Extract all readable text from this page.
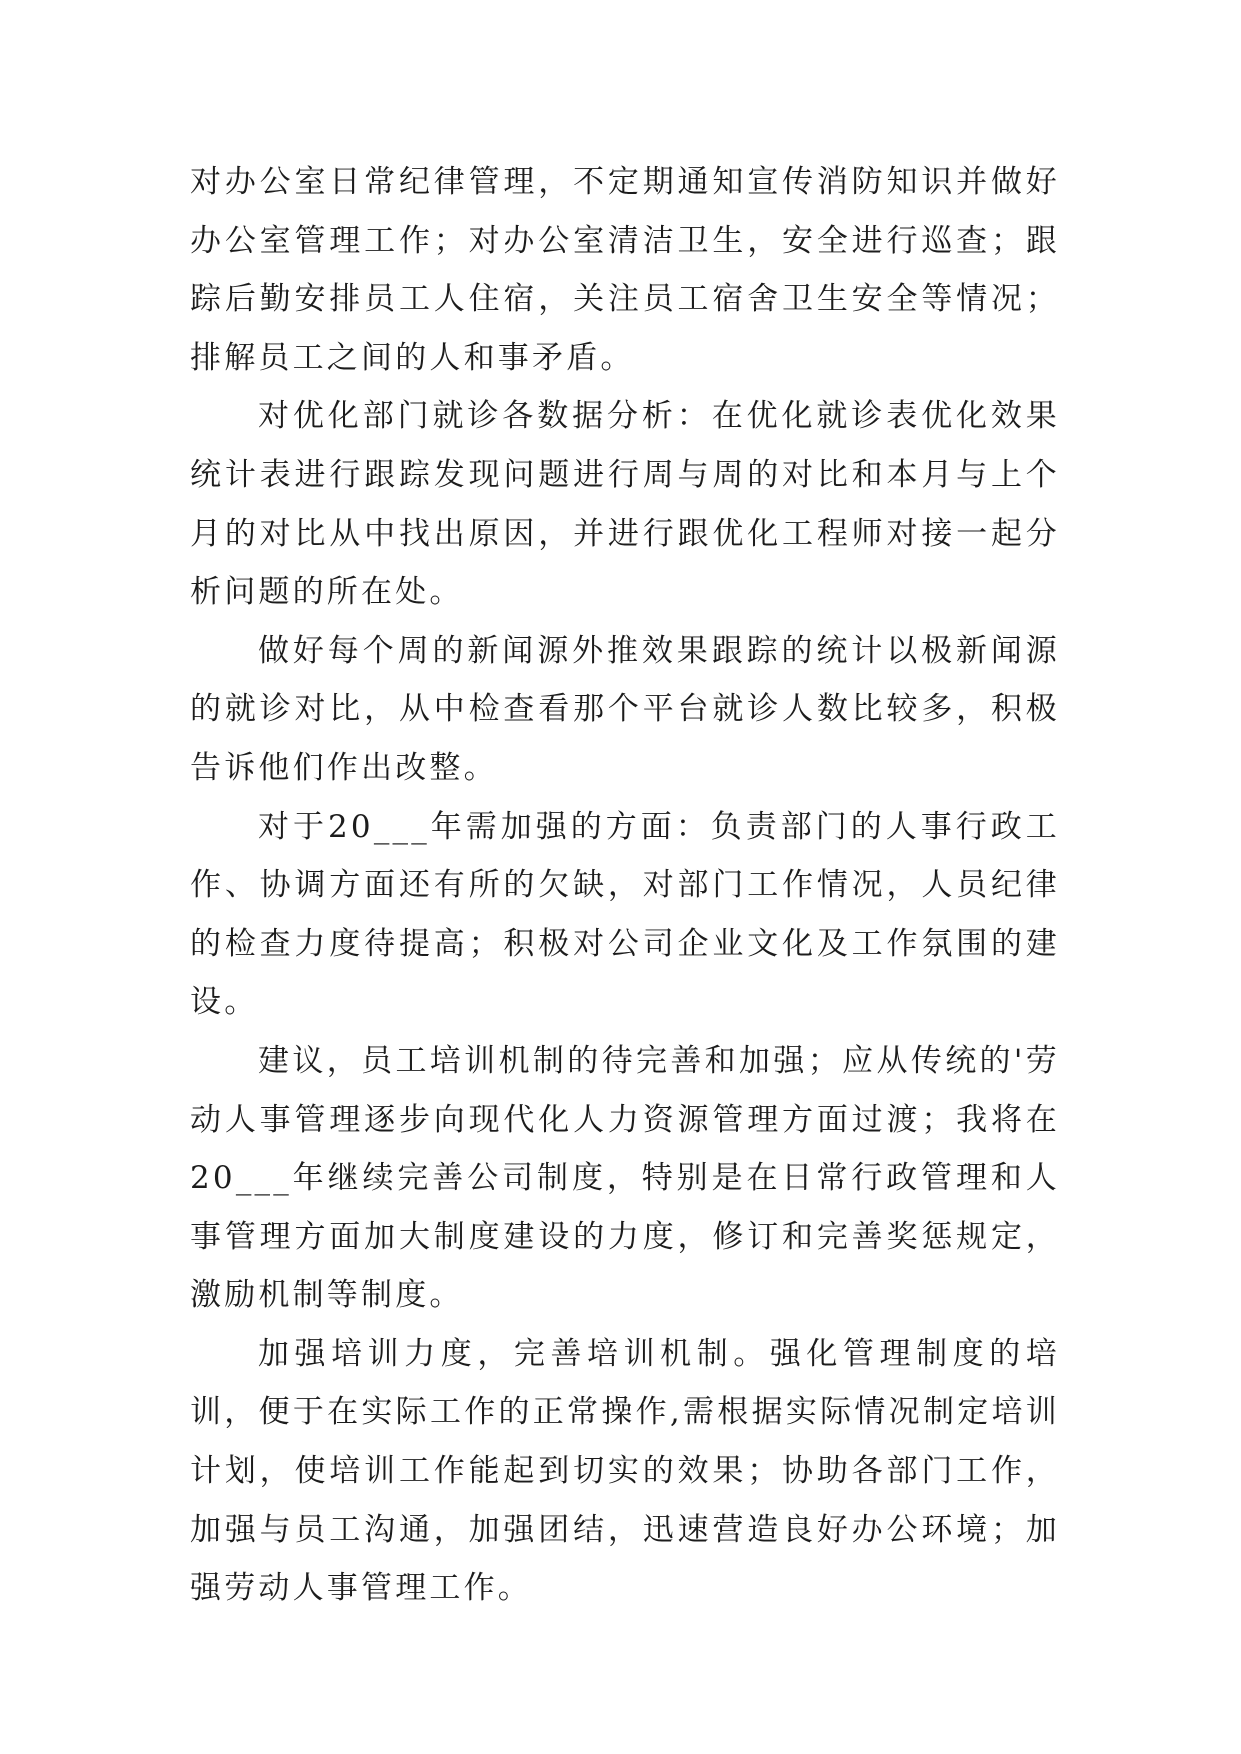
对办公室日常纪律管理，不定期通知宣传消防知识并做好办公室管理工作；对办公室清洁卫生，安全进行巡查；跟踪后勤安排员工人住宿，关注员工宿舍卫生安全等情况；排解员工之间的人和事矛盾。

对优化部门就诊各数据分析：在优化就诊表优化效果统计表进行跟踪发现问题进行周与周的对比和本月与上个月的对比从中找出原因，并进行跟优化工程师对接一起分析问题的所在处。

做好每个周的新闻源外推效果跟踪的统计以极新闻源的就诊对比，从中检查看那个平台就诊人数比较多，积极告诉他们作出改整。

对于20___年需加强的方面：负责部门的人事行政工作、协调方面还有所的欠缺，对部门工作情况，人员纪律的检查力度待提高；积极对公司企业文化及工作氛围的建设。

建议，员工培训机制的待完善和加强；应从传统的'劳动人事管理逐步向现代化人力资源管理方面过渡；我将在20___年继续完善公司制度，特别是在日常行政管理和人事管理方面加大制度建设的力度，修订和完善奖惩规定，激励机制等制度。

加强培训力度，完善培训机制。强化管理制度的培训，便于在实际工作的正常操作,需根据实际情况制定培训计划，使培训工作能起到切实的效果；协助各部门工作，加强与员工沟通，加强团结，迅速营造良好办公环境；加强劳动人事管理工作。
